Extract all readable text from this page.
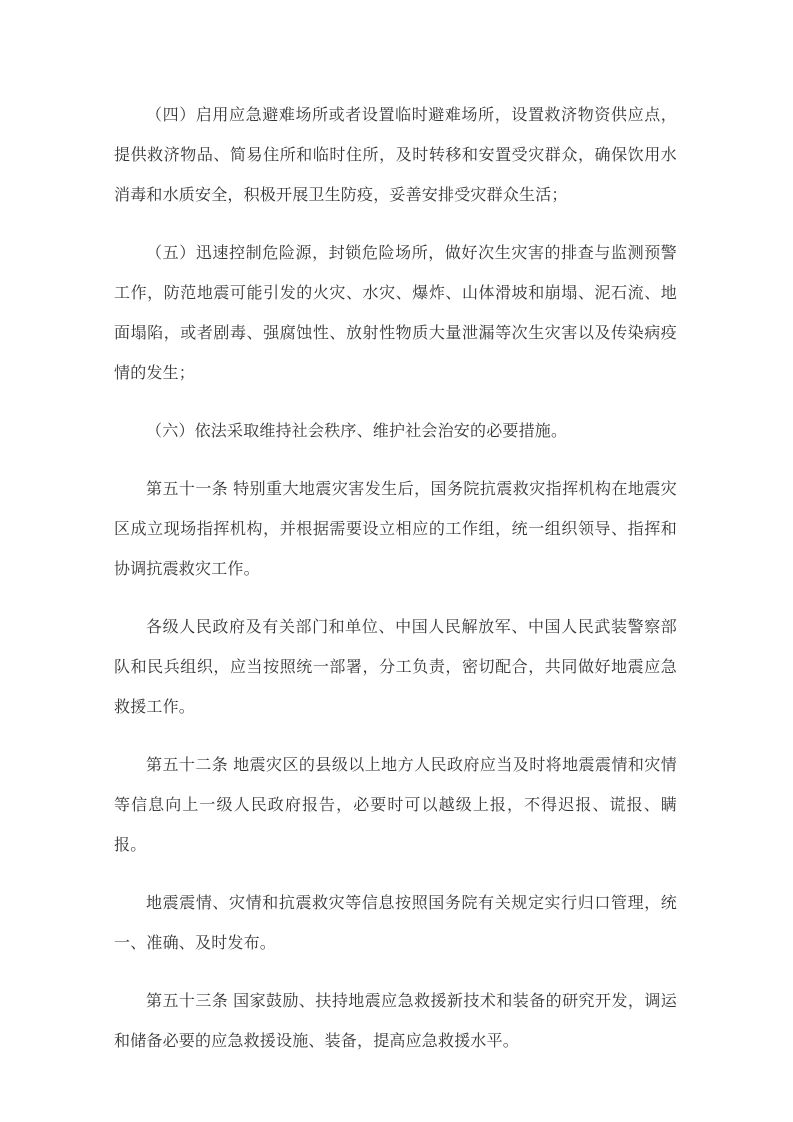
（四）启用应急避难场所或者设置临时避难场所，设置救济物资供应点，提供救济物品、简易住所和临时住所，及时转移和安置受灾群众，确保饮用水消毒和水质安全，积极开展卫生防疫，妥善安排受灾群众生活；

（五）迅速控制危险源，封锁危险场所，做好次生灾害的排查与监测预警工作，防范地震可能引发的火灾、水灾、爆炸、山体滑坡和崩塌、泥石流、地面塌陷，或者剧毒、强腐蚀性、放射性物质大量泄漏等次生灾害以及传染病疫情的发生；

（六）依法采取维持社会秩序、维护社会治安的必要措施。

第五十一条 特别重大地震灾害发生后，国务院抗震救灾指挥机构在地震灾区成立现场指挥机构，并根据需要设立相应的工作组，统一组织领导、指挥和协调抗震救灾工作。

各级人民政府及有关部门和单位、中国人民解放军、中国人民武装警察部队和民兵组织，应当按照统一部署，分工负责，密切配合，共同做好地震应急救援工作。

第五十二条 地震灾区的县级以上地方人民政府应当及时将地震震情和灾情等信息向上一级人民政府报告，必要时可以越级上报，不得迟报、谎报、瞒报。

地震震情、灾情和抗震救灾等信息按照国务院有关规定实行归口管理，统一、准确、及时发布。

第五十三条 国家鼓励、扶持地震应急救援新技术和装备的研究开发，调运和储备必要的应急救援设施、装备，提高应急救援水平。
